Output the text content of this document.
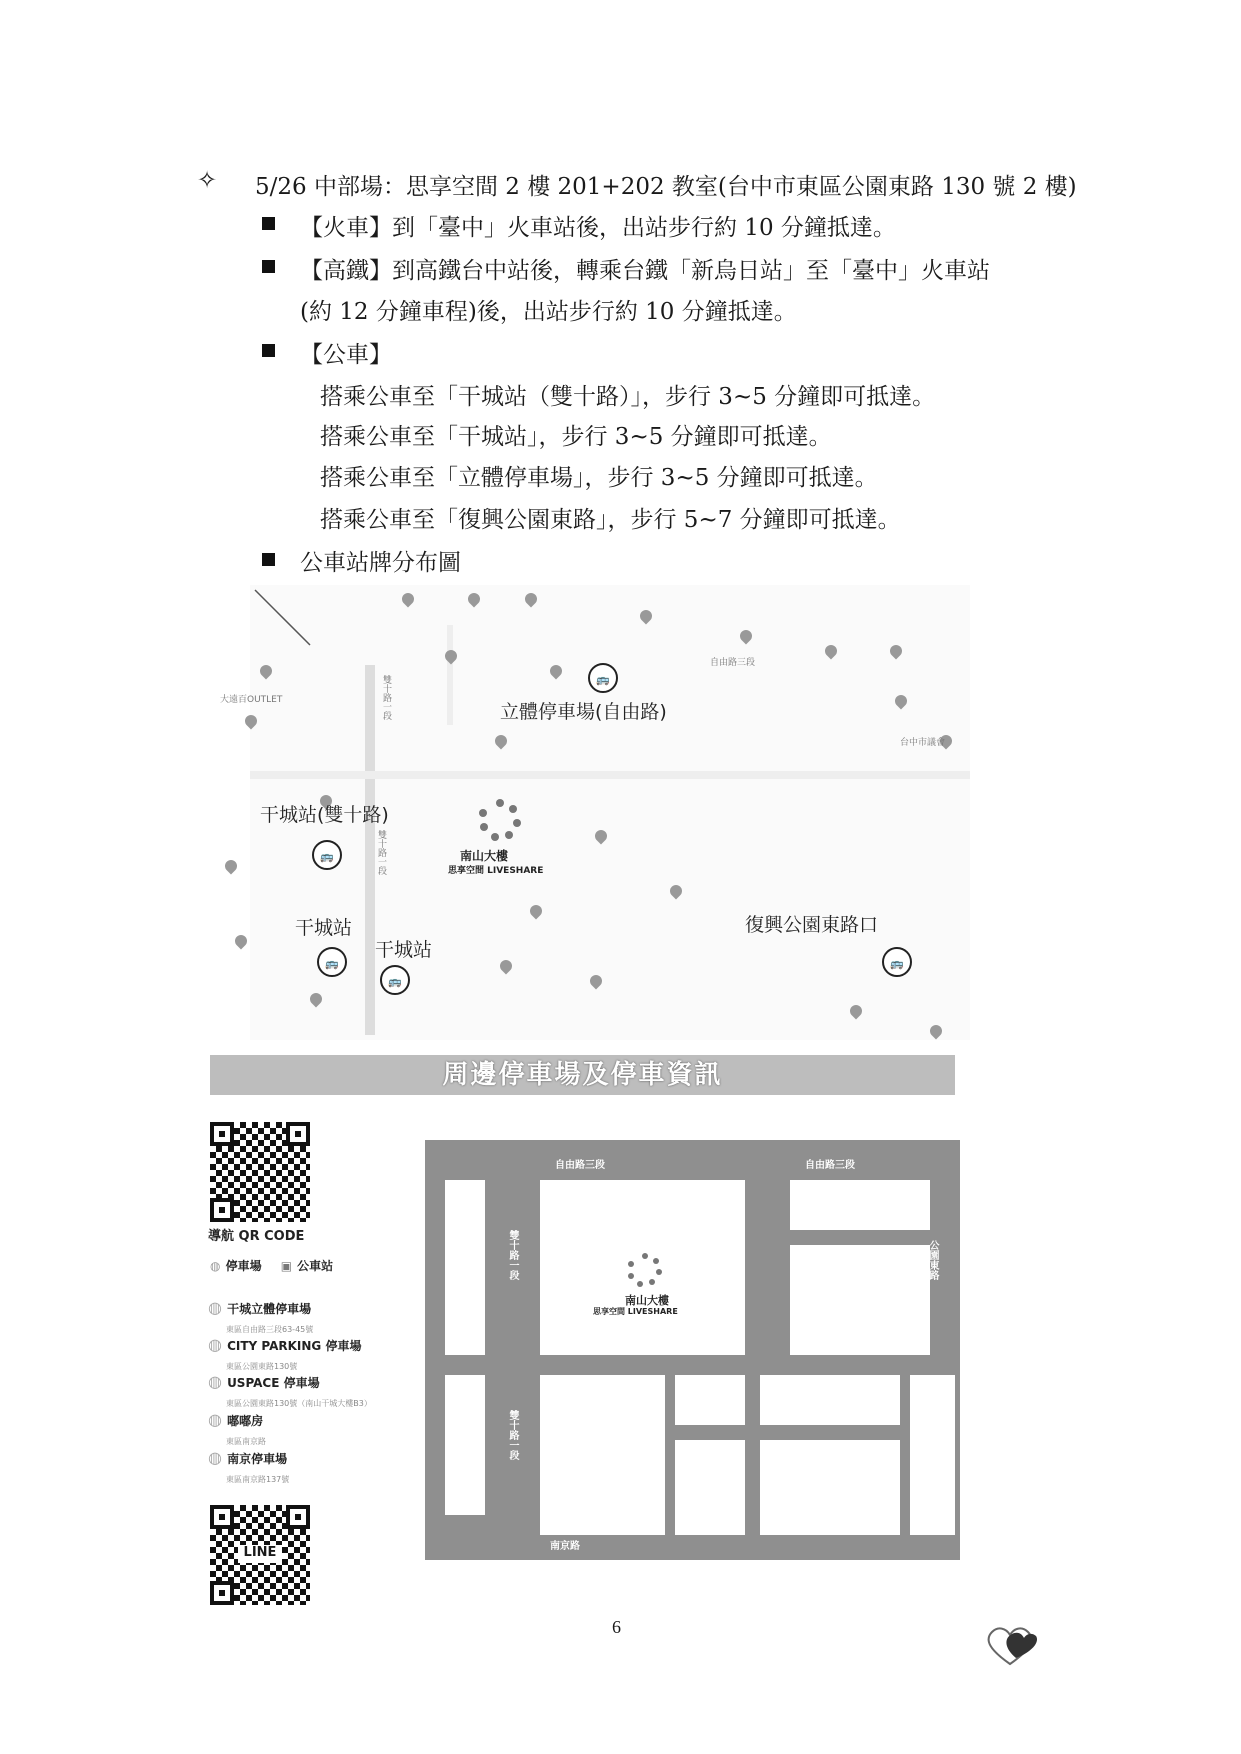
✧ 5/26 中部場：思享空間 2 樓 201+202 教室(台中市東區公園東路 130 號 2 樓)
【火車】到「臺中」火車站後，出站步行約 10 分鐘抵達。
【高鐵】到高鐵台中站後，轉乘台鐵「新烏日站」至「臺中」火車站
(約 12 分鐘車程)後，出站步行約 10 分鐘抵達。
【公車】
搭乘公車至「干城站（雙十路）」，步行 3~5 分鐘即可抵達。
搭乘公車至「干城站」，步行 3~5 分鐘即可抵達。
搭乘公車至「立體停車場」，步行 3~5 分鐘即可抵達。
搭乘公車至「復興公園東路」，步行 5~7 分鐘即可抵達。
公車站牌分布圖
大遠百OUTLET
台中市議會
自由路三段
雙十路一段
雙十路一段
立體停車場(自由路)
🚌
干城站(雙十路)
🚌
干城站
🚌
干城站
🚌
復興公園東路口
🚌
南山大樓
思享空間 LIVESHARE
周邊停車場及停車資訊
導航 QR CODE
◍ 停車場 ▣ 公車站
◍ 干城立體停車場
東區自由路三段63-45號
◍ CITY PARKING 停車場
東區公園東路130號
◍ USPACE 停車場
東區公園東路130號（南山干城大樓B3）
◍ 嘟嘟房
東區南京路
◍ 南京停車場
東區南京路137號
LINE
自由路三段	自由路三段
雙十路一段
雙十路一段
南京路
公園東路
南山大樓
思享空間 LIVESHARE
6
